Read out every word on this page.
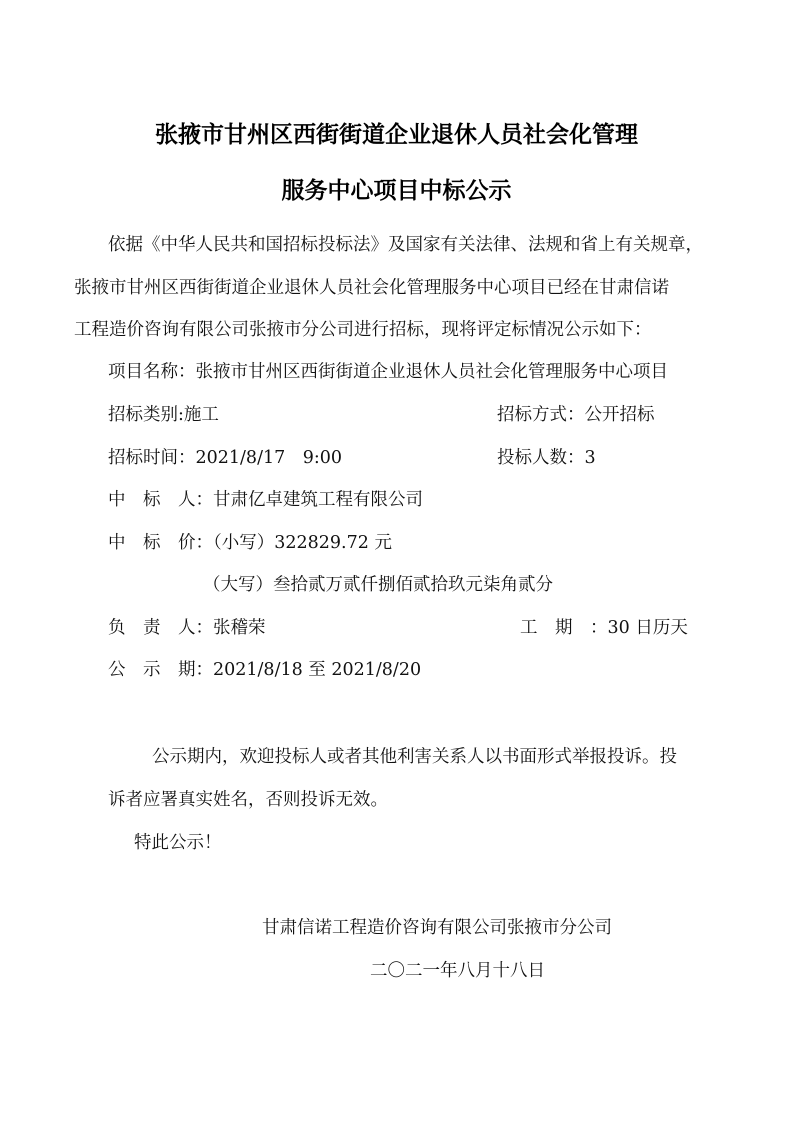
张掖市甘州区西街街道企业退休人员社会化管理
服务中心项目中标公示
依据《中华人民共和国招标投标法》及国家有关法律、法规和省上有关规章，
张掖市甘州区西街街道企业退休人员社会化管理服务中心项目已经在甘肃信诺
工程造价咨询有限公司张掖市分公司进行招标，现将评定标情况公示如下：
项目名称：张掖市甘州区西街街道企业退休人员社会化管理服务中心项目
招标类别:施工	招标方式：公开招标
招标时间：2021/8/17　9:00	投标人数：3
中　标　人：甘肃亿卓建筑工程有限公司
中　标　价：（小写）322829.72 元
（大写）叁拾贰万贰仟捌佰贰拾玖元柒角贰分
负　责　人：张稽荣	工　期　：30 日历天
公　示　期：2021/8/18 至 2021/8/20
公示期内，欢迎投标人或者其他利害关系人以书面形式举报投诉。投
诉者应署真实姓名，否则投诉无效。
特此公示！
甘肃信诺工程造价咨询有限公司张掖市分公司
二〇二一年八月十八日
